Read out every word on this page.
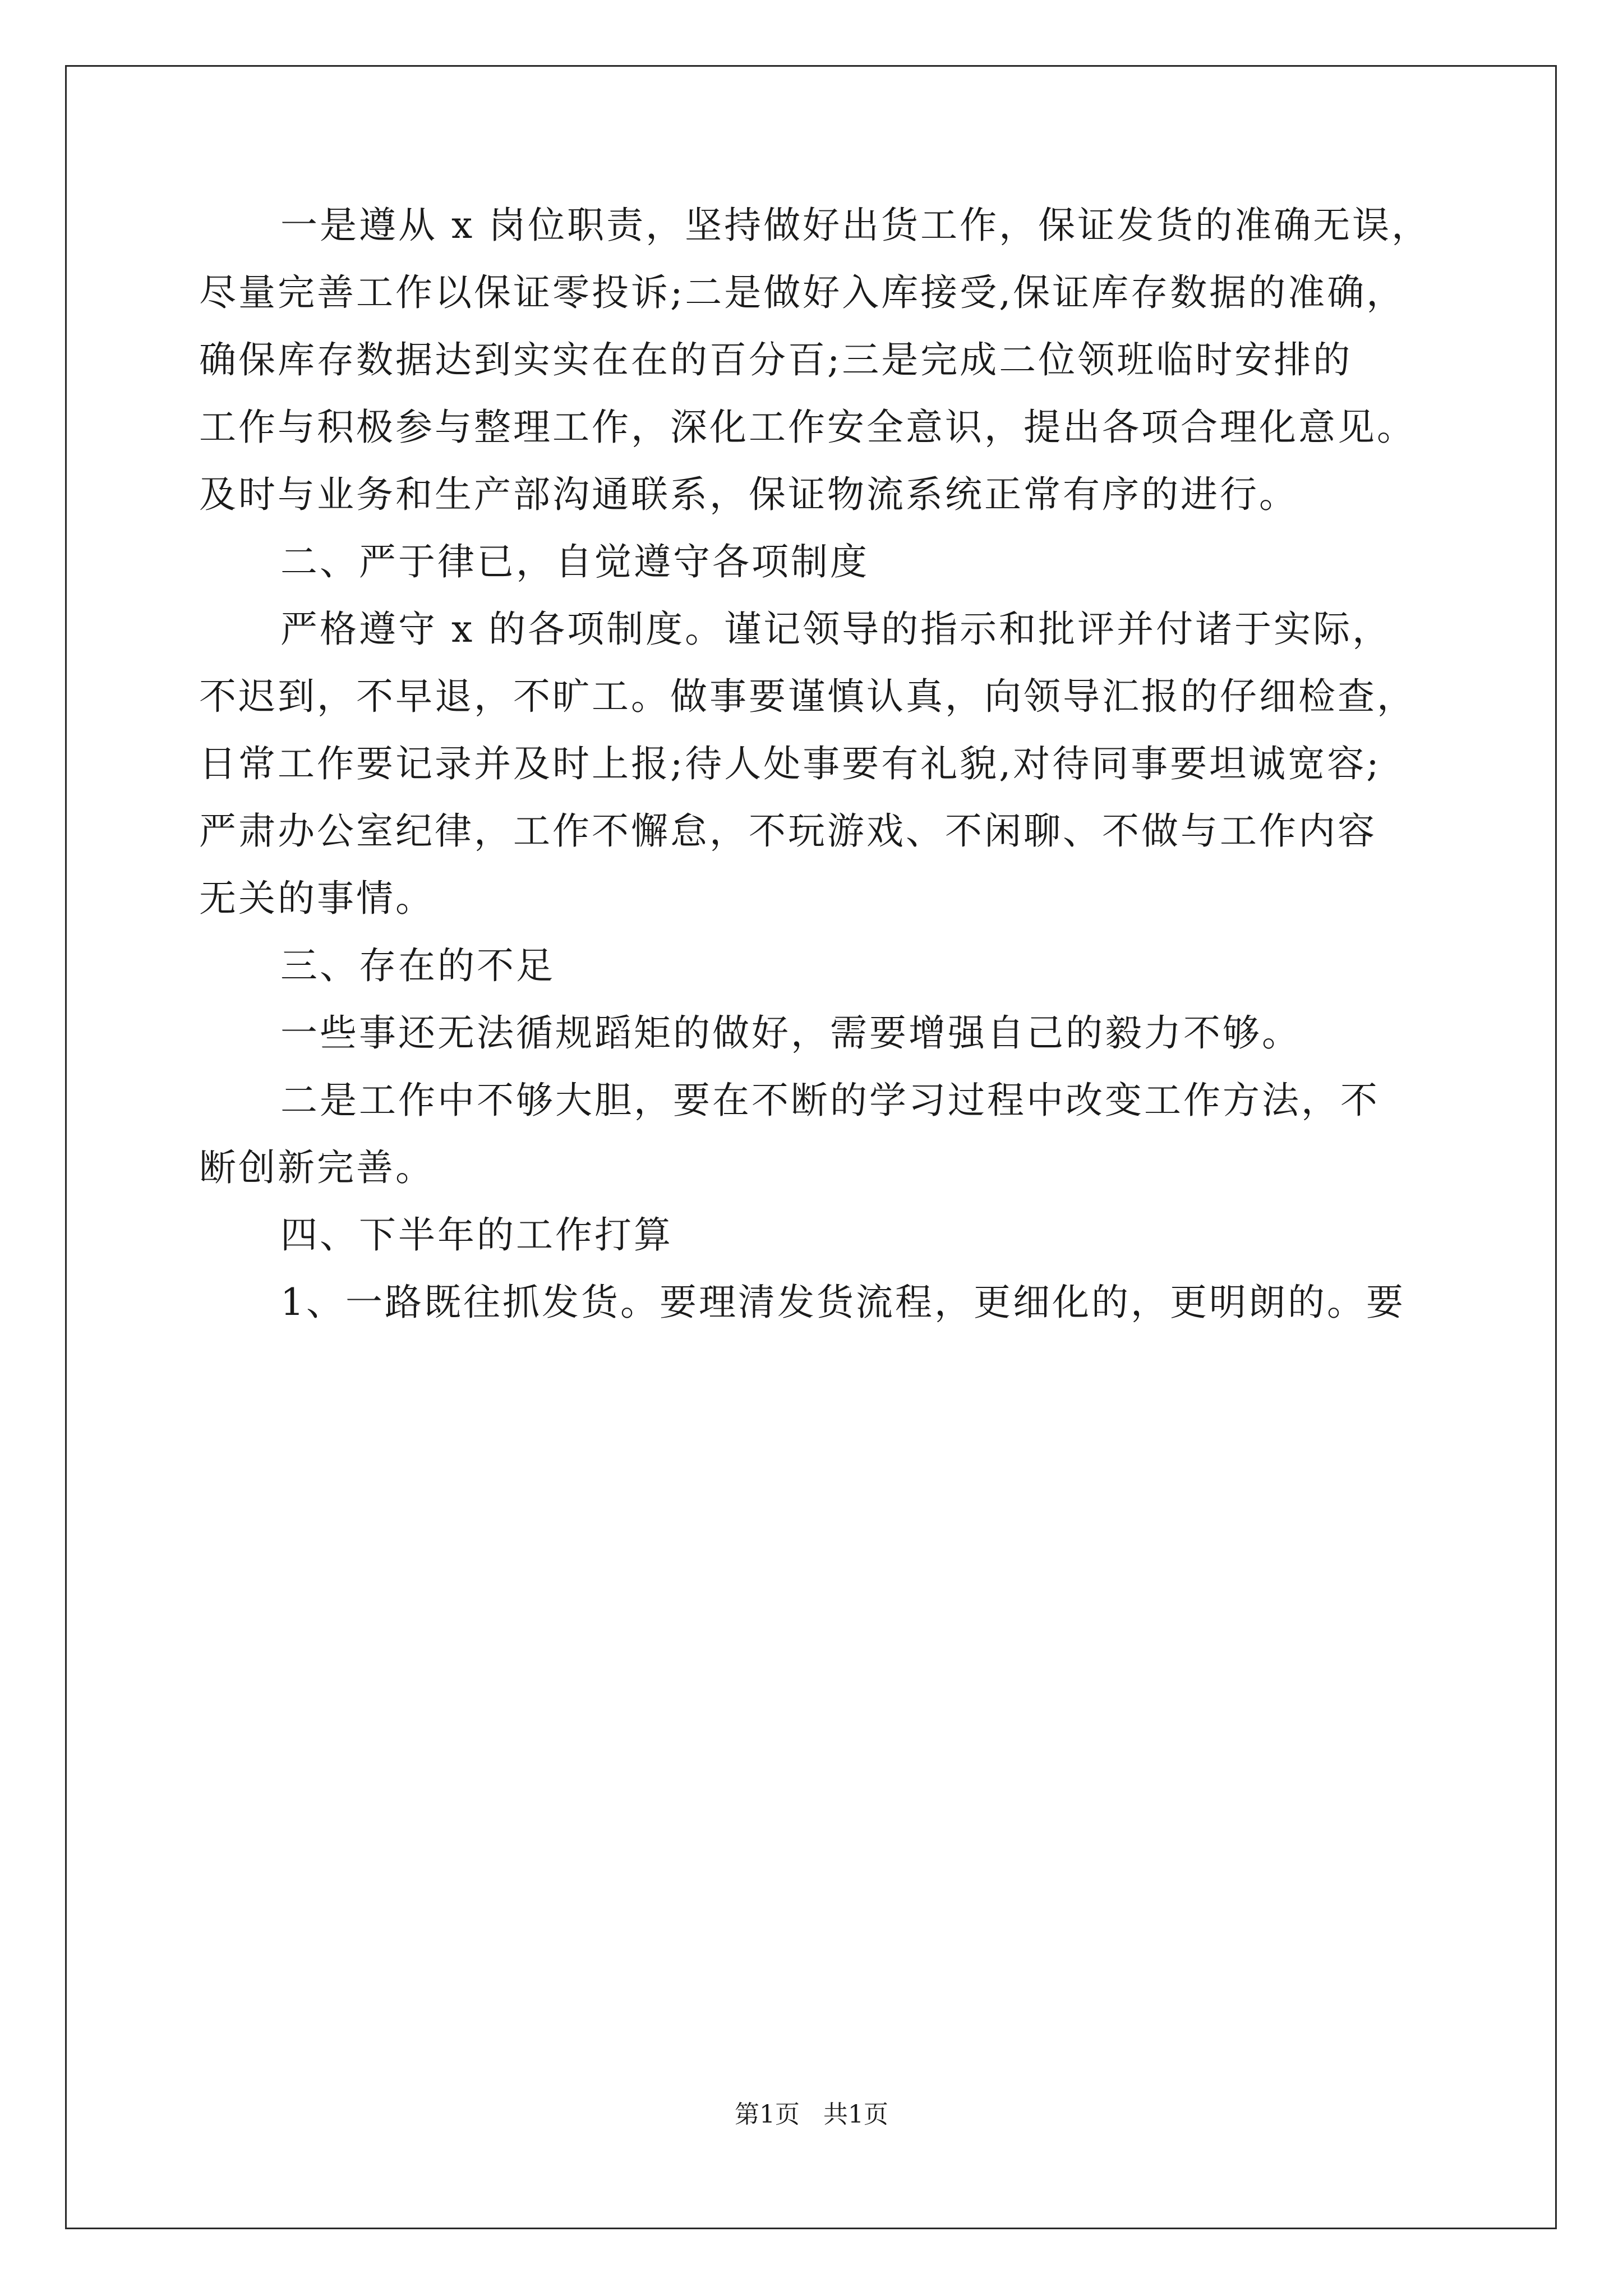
一是遵从 x 岗位职责，坚持做好出货工作，保证发货的准确无误，
尽量完善工作以保证零投诉;二是做好入库接受,保证库存数据的准确，
确保库存数据达到实实在在的百分百;三是完成二位领班临时安排的
工作与积极参与整理工作，深化工作安全意识，提出各项合理化意见。
及时与业务和生产部沟通联系，保证物流系统正常有序的进行。
二、严于律已，自觉遵守各项制度
严格遵守 x 的各项制度。谨记领导的指示和批评并付诸于实际，
不迟到，不早退，不旷工。做事要谨慎认真，向领导汇报的仔细检查，
日常工作要记录并及时上报;待人处事要有礼貌,对待同事要坦诚宽容;
严肃办公室纪律，工作不懈怠，不玩游戏、不闲聊、不做与工作内容
无关的事情。
三、存在的不足
一些事还无法循规蹈矩的做好，需要增强自己的毅力不够。
二是工作中不够大胆，要在不断的学习过程中改变工作方法，不
断创新完善。
四、下半年的工作打算
1、一路既往抓发货。要理清发货流程，更细化的，更明朗的。要
第1页   共1页
